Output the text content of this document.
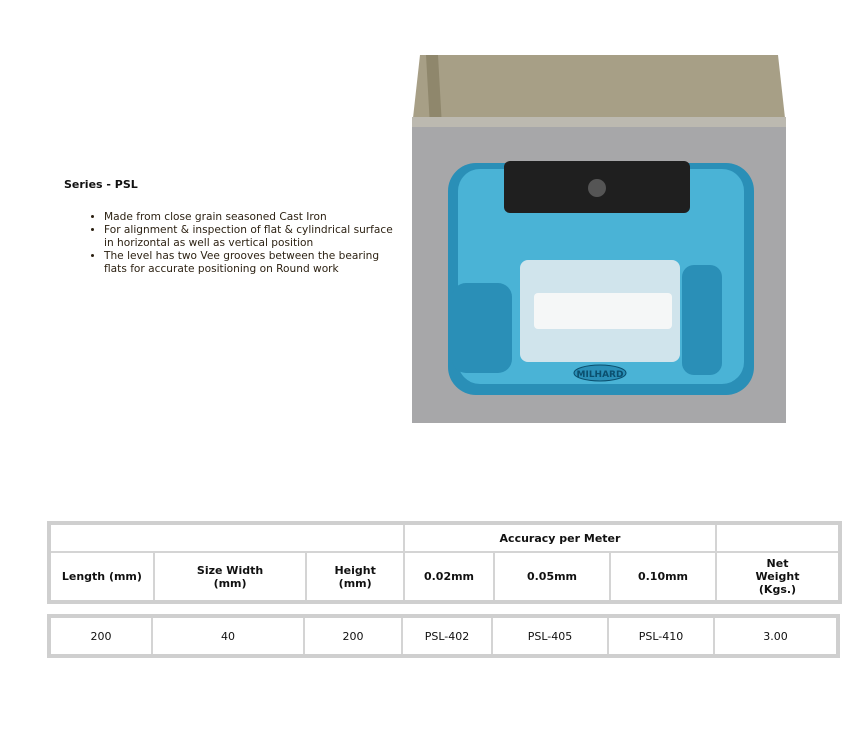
Series - PSL
• Made from close grain seasoned Cast Iron
• For alignment & inspection of flat & cylindrical surface in horizontal as well as vertical position
• The level has two Vee grooves between the bearing flats for accurate positioning on Round work
MILHARD
			Accuracy per Meter			
Length (mm)	Size Width (mm)	Height (mm)	0.02mm	0.05mm	0.10mm	Net Weight (Kgs.)
200	40	200	PSL-402	PSL-405	PSL-410	3.00
